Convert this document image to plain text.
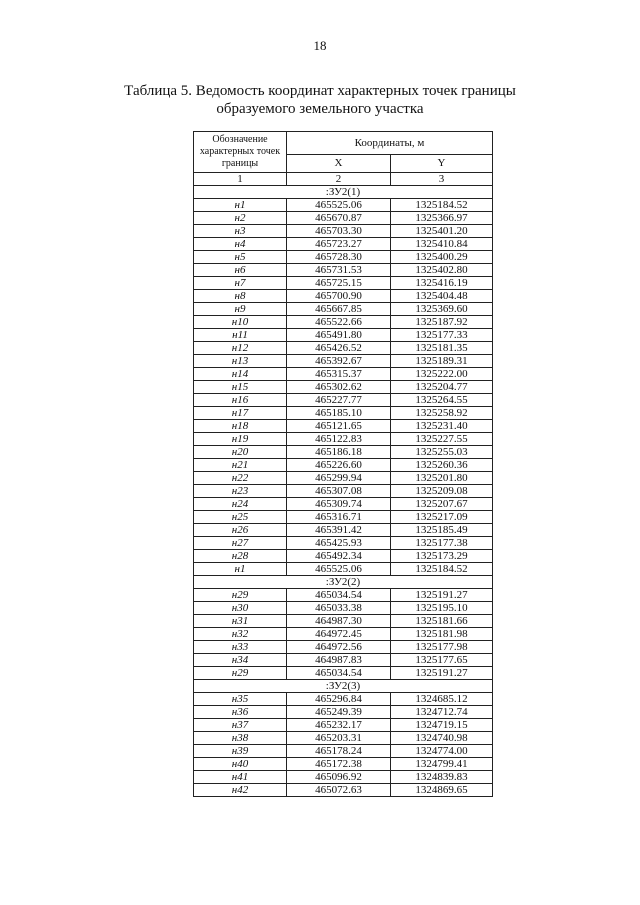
18
Таблица 5. Ведомость координат характерных точек границы
образуемого земельного участка
Обозначение характерных точек границы	Координаты, м	
	X	Y
1	2	3
:ЗУ2(1)		
н1	465525.06	1325184.52
н2	465670.87	1325366.97
н3	465703.30	1325401.20
н4	465723.27	1325410.84
н5	465728.30	1325400.29
н6	465731.53	1325402.80
н7	465725.15	1325416.19
н8	465700.90	1325404.48
н9	465667.85	1325369.60
н10	465522.66	1325187.92
н11	465491.80	1325177.33
н12	465426.52	1325181.35
н13	465392.67	1325189.31
н14	465315.37	1325222.00
н15	465302.62	1325204.77
н16	465227.77	1325264.55
н17	465185.10	1325258.92
н18	465121.65	1325231.40
н19	465122.83	1325227.55
н20	465186.18	1325255.03
н21	465226.60	1325260.36
н22	465299.94	1325201.80
н23	465307.08	1325209.08
н24	465309.74	1325207.67
н25	465316.71	1325217.09
н26	465391.42	1325185.49
н27	465425.93	1325177.38
н28	465492.34	1325173.29
н1	465525.06	1325184.52
:ЗУ2(2)		
н29	465034.54	1325191.27
н30	465033.38	1325195.10
н31	464987.30	1325181.66
н32	464972.45	1325181.98
н33	464972.56	1325177.98
н34	464987.83	1325177.65
н29	465034.54	1325191.27
:ЗУ2(3)		
н35	465296.84	1324685.12
н36	465249.39	1324712.74
н37	465232.17	1324719.15
н38	465203.31	1324740.98
н39	465178.24	1324774.00
н40	465172.38	1324799.41
н41	465096.92	1324839.83
н42	465072.63	1324869.65
